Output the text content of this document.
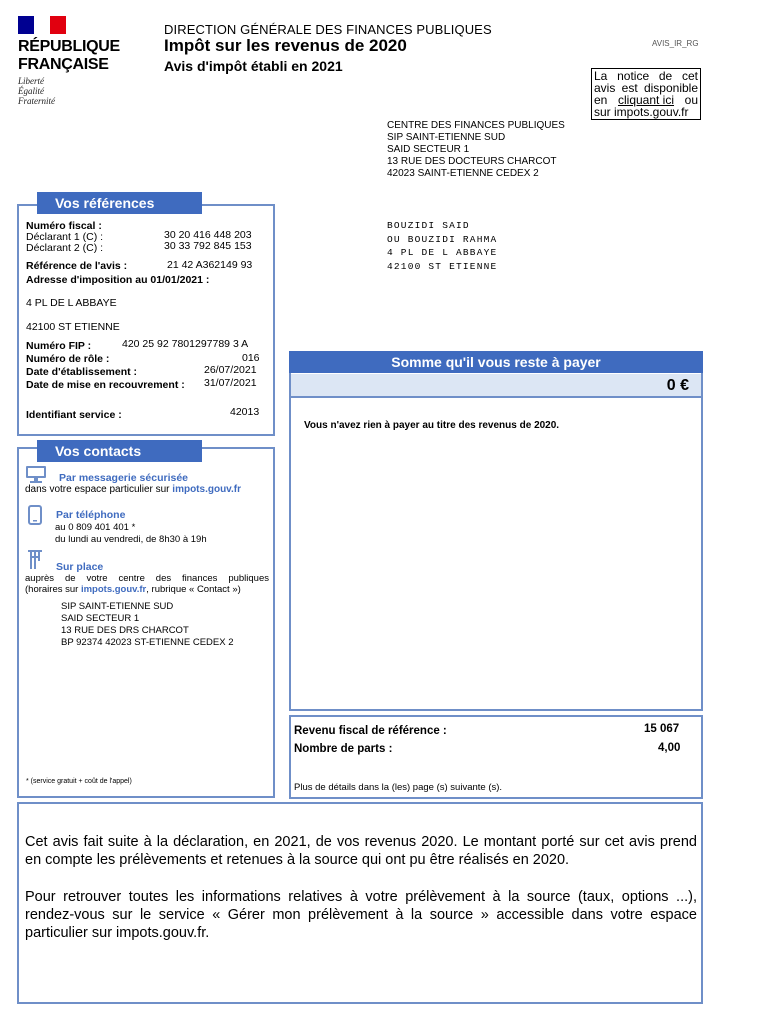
RÉPUBLIQUE
FRANÇAISE
Liberté
Égalité
Fraternité
DIRECTION GÉNÉRALE DES FINANCES PUBLIQUES
Impôt sur les revenus de 2020
Avis d'impôt établi en 2021
AVIS_IR_RG
La notice de cet
avis est disponible
en cliquant ici ou
sur impots.gouv.fr
CENTRE DES FINANCES PUBLIQUES
SIP SAINT-ETIENNE SUD
SAID SECTEUR 1
13 RUE DES DOCTEURS CHARCOT
42023 SAINT-ETIENNE CEDEX 2
BOUZIDI SAID
OU BOUZIDI RAHMA
4 PL DE L ABBAYE
42100 ST ETIENNE
Vos références
Numéro fiscal :
Déclarant 1 (C) :	30 20 416 448 203
Déclarant 2 (C) :	30 33 792 845 153
Référence de l'avis :	21 42 A362149 93
Adresse d'imposition au 01/01/2021 :
4 PL DE L ABBAYE
42100 ST ETIENNE
Numéro FIP :	420 25 92 7801297789 3 A
Numéro de rôle :	016
Date d'établissement :	26/07/2021
Date de mise en recouvrement : 31/07/2021
Identifiant service :	42013
Vos contacts
Par messagerie sécurisée
dans votre espace particulier sur impots.gouv.fr
Par téléphone
au 0 809 401 401 *
du lundi au vendredi, de 8h30 à 19h
Sur place
auprès de votre centre des finances publiques
(horaires sur impots.gouv.fr, rubrique « Contact »)
SIP SAINT-ETIENNE SUD
SAID SECTEUR 1
13 RUE DES DRS CHARCOT
BP 92374 42023 ST-ETIENNE CEDEX 2
* (service gratuit + coût de l'appel)
Somme qu'il vous reste à payer
0 €
Vous n'avez rien à payer au titre des revenus de 2020.
Revenu fiscal de référence :	15 067
Nombre de parts :	4,00
Plus de détails dans la (les) page (s) suivante (s).

Cet avis fait suite à la déclaration, en 2021, de vos revenus 2020. Le montant porté sur cet avis prend en compte les prélèvements et retenues à la source qui ont pu être réalisés en 2020.

Pour retrouver toutes les informations relatives à votre prélèvement à la source (taux, options ...), rendez-vous sur le service « Gérer mon prélèvement à la source » accessible dans votre espace particulier sur impots.gouv.fr.
